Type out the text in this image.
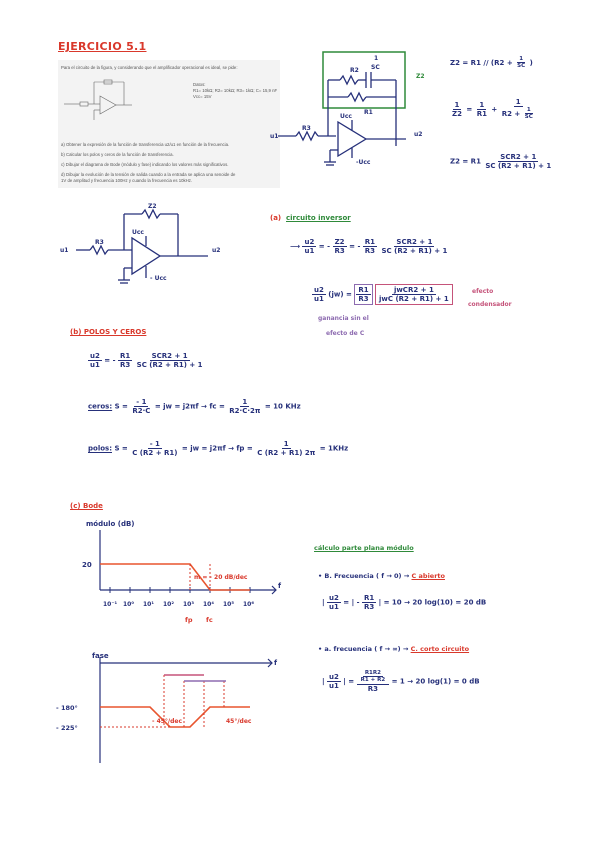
EJERCICIO 5.1
Para el circuito de la figura, y considerando que el amplificador operacional es ideal, se pide:
Datos:
R1= 10kΩ; R2= 10kΩ; R3= 1kΩ; C= 15,9 nF
Vcc= 15V
a) Obtener la expresión de la función de transferencia u2/u1 en función de la frecuencia.
b) Calcular los polos y ceros de la función de transferencia.
c) Dibujar el diagrama de Bode (módulo y fase) indicando los valores más significativos.
d) Dibujar la evolución de la tensión de salida cuando a la entrada se aplica una senoide de
1V de amplitud y frecuencia 100Hz y cuando la frecuencia es 10kHz.
R2
1
SC
R1
Z2
R3
Ucc
-Ucc
u1	u2
$Z2 = R1 // (R2 + \frac{1}{SC}$ )
$\frac{1}{Z2} = \frac{1}{R1} + \frac{1}{R2 + \frac{1}{SC}}$
$Z2 = R1 \frac{\text{SCR2 + 1}}{SC (R2 + R1) + 1}$
Z2
R3
Ucc
- Ucc
u1	u2
(a) circuito inversor
⟶ $\frac{u2}{u1}$ = - $\frac{Z2}{R3}$ = - $\frac{R1}{R3}$
$\frac{\text{SCR2 + 1}}{SC (R2 + R1) + 1}$
$\frac{u2}{u1} (jw) = \frac{R1}{R3}$
$\frac{\text{jwCR2 + 1}}{\text{jwC (R2 + R1) + 1}}$
ganancia sin el
efecto de C
efecto
condensador
(b) POLOS Y CEROS
$\frac{u2}{u1}$ = - $\frac{R1}{R3}$
$\frac{\text{SCR2 + 1}}{SC (R2 + R1) + 1}$
ceros: $S = \frac{- 1}{R2\cdot C}$ = jw = j2πf → fc = $\frac{1}{R2\cdot C\cdot 2\pi} = 10$ KHz
polos: $S = \frac{- 1}{C (R2 + R1)}$ = jw = j2πf → fp = $\frac{1}{C (R2 + R1) 2\pi} = 1KHz$
(c) Bode
módulo (dB)
10⁻¹ 10⁰ 10¹ 10² 10³ 10⁴ 10⁵ 10⁶
20
m = - 20 dB/dec
f
fp fc
fase
- 180°
- 225°
- 45°/dec	45°/dec
f
cálculo parte plana módulo
• B. Frecuencia ( f → 0) → C abierto
| $\frac{u2}{u1}$ = | - $\frac{R1}{R3}$ | = 10 → 20 log(10) = 20 dB
• a. frecuencia ( f → ∞) → C. corto circuito
| $\frac{u2}{u1}$ | = $\frac{\frac{R1R2}{R1 + R2}}{R3} = 1 \to 20$ log(1) = 0 dB
